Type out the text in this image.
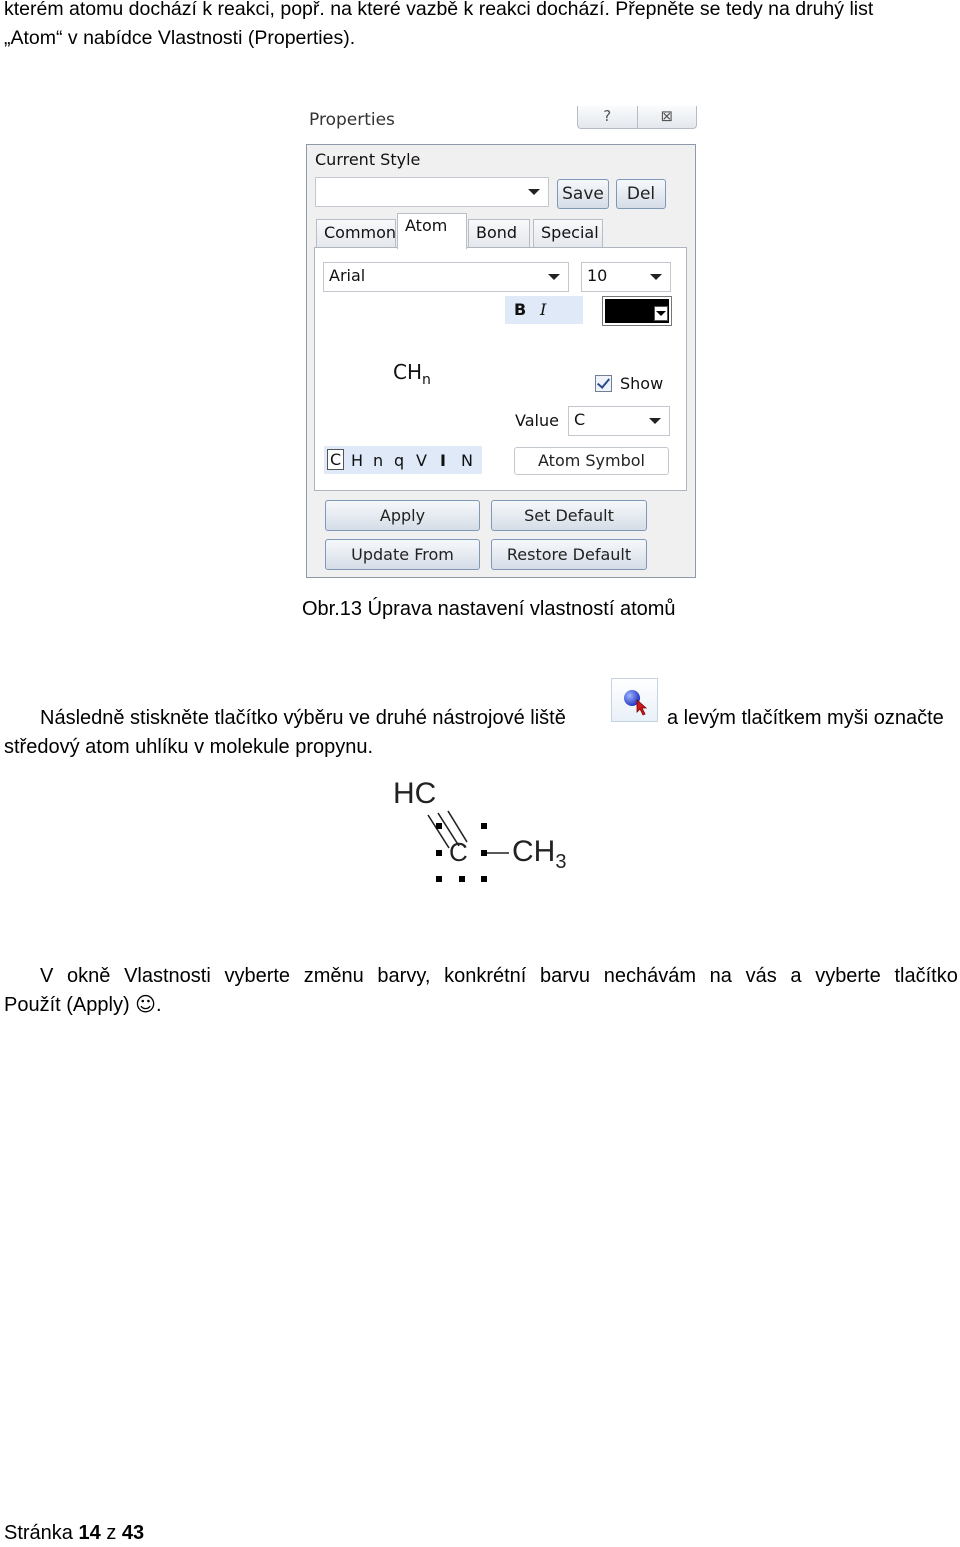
kterém atomu dochází k reakci, popř. na které vazbě k reakci dochází. Přepněte se tedy na druhý list
„Atom“ v nabídce Vlastnosti (Properties).
Properties	?	⊠
Current Style
Save	Del
Common Atom	Bond	Special
Arial	10
B I
$CH_n$	Show
Value C
C H n q V I N	Atom Symbol
Apply	Set Default
Update From	Restore Default
Obr.13 Úprava nastavení vlastností atomů
Následně stiskněte tlačítko výběru ve druhé nástrojové liště	a levým tlačítkem myši označte
středový atom uhlíku v molekule propynu.
HC
C $CH_3$
V okně Vlastnosti vyberte změnu barvy, konkrétní barvu nechávám na vás a vyberte tlačítko
Použít (Apply) ☺.
Stránka 14 z 43
